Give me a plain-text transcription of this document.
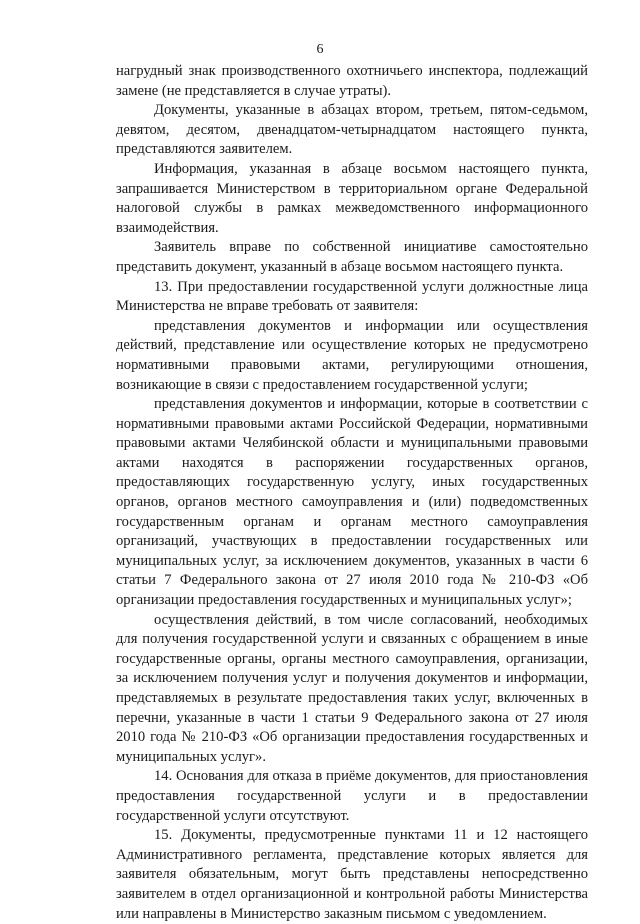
6

нагрудный знак производственного охотничьего инспектора, подлежащий замене (не представляется в случае утраты).

Документы, указанные в абзацах втором, третьем, пятом-седьмом, девятом, десятом, двенадцатом-четырнадцатом настоящего пункта, представляются заявителем.

Информация, указанная в абзаце восьмом настоящего пункта, запрашивается Министерством в территориальном органе Федеральной налоговой службы в рамках межведомственного информационного взаимодействия.

Заявитель вправе по собственной инициативе самостоятельно представить документ, указанный в абзаце восьмом настоящего пункта.

13. При предоставлении государственной услуги должностные лица Министерства не вправе требовать от заявителя:

представления документов и информации или осуществления действий, представление или осуществление которых не предусмотрено нормативными правовыми актами, регулирующими отношения, возникающие в связи с предоставлением государственной услуги;

представления документов и информации, которые в соответствии с нормативными правовыми актами Российской Федерации, нормативными правовыми актами Челябинской области и муниципальными правовыми актами находятся в распоряжении государственных органов, предоставляющих государственную услугу, иных государственных органов, органов местного самоуправления и (или) подведомственных государственным органам и органам местного самоуправления организаций, участвующих в предоставлении государственных или муниципальных услуг, за исключением документов, указанных в части 6 статьи 7 Федерального закона от 27 июля 2010 года № 210-ФЗ «Об организации предоставления государственных и муниципальных услуг»;

осуществления действий, в том числе согласований, необходимых для получения государственной услуги и связанных с обращением в иные государственные органы, органы местного самоуправления, организации, за исключением получения услуг и получения документов и информации, представляемых в результате предоставления таких услуг, включенных в перечни, указанные в части 1 статьи 9 Федерального закона от 27 июля 2010 года № 210-ФЗ «Об организации предоставления государственных и муниципальных услуг».

14. Основания для отказа в приёме документов, для приостановления предоставления государственной услуги и в предоставлении государственной услуги отсутствуют.

15. Документы, предусмотренные пунктами 11 и 12 настоящего Административного регламента, представление которых является для заявителя обязательным, могут быть представлены непосредственно заявителем в отдел организационной и контрольной работы Министерства или направлены в Министерство заказным письмом с уведомлением.
